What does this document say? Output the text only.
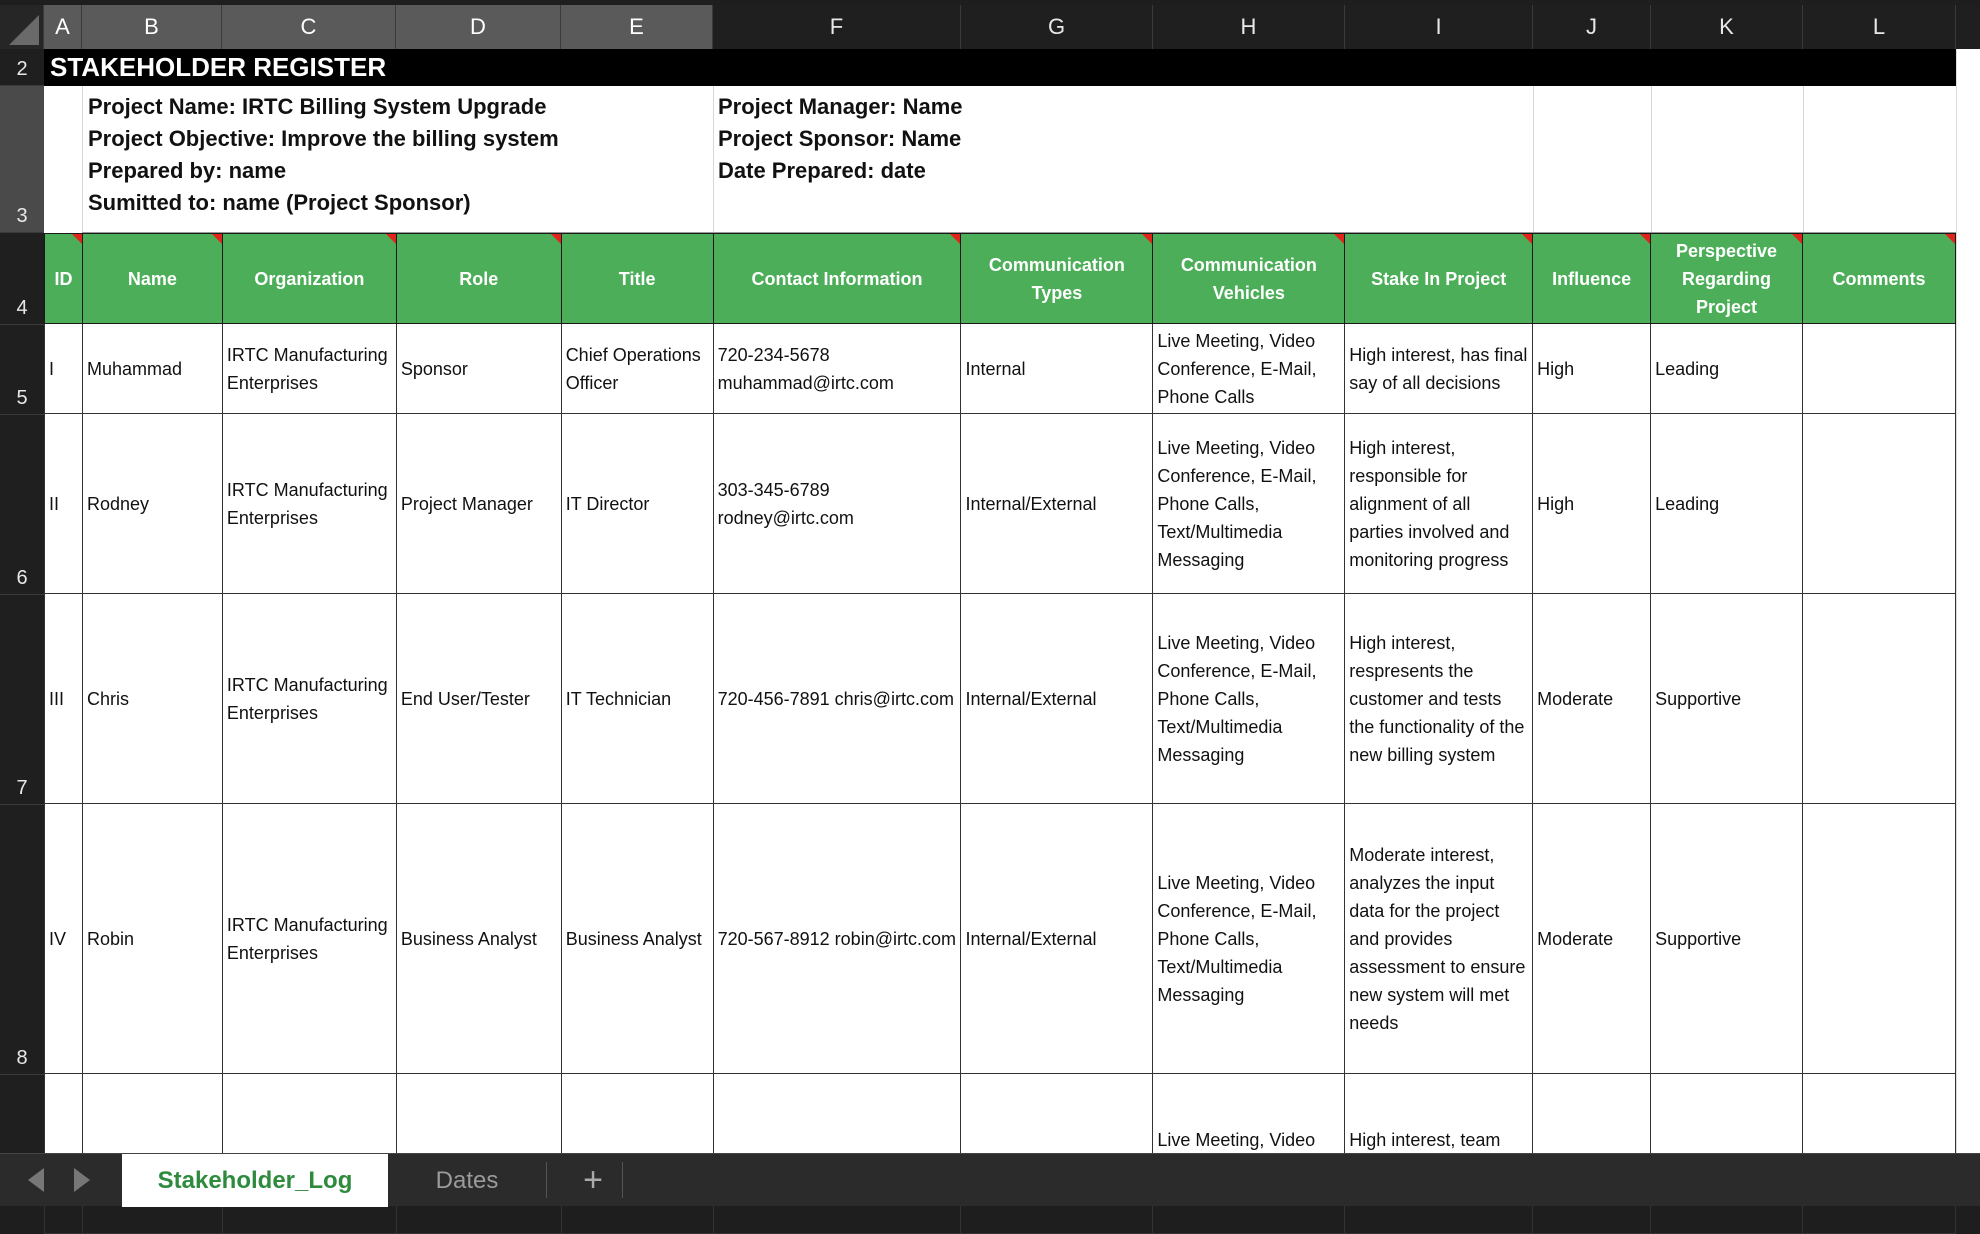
A	B	C	D	E	F	G	H	I	J	K	L
2
3
4
5
6
7
8
STAKEHOLDER REGISTER
Project Name: IRTC Billing System Upgrade
Project Objective: Improve the billing system
Prepared by: name
Sumitted to: name (Project Sponsor)
Project Manager: Name
Project Sponsor: Name
Date Prepared: date
ID	Name	Organization	Role	Title	Contact Information	Communication Types	Communication Vehicles	Stake In Project	Influence	Perspective Regarding Project	Comments

I	Muhammad	IRTC Manufacturing Enterprises	Sponsor	Chief Operations Officer	720-234-5678 muhammad@irtc.com	Internal	Live Meeting, Video Conference, E-Mail, Phone Calls	High interest, has final say of all decisions	High	Leading	
II	Rodney	IRTC Manufacturing Enterprises	Project Manager	IT Director	303-345-6789 rodney@irtc.com	Internal/External	Live Meeting, Video Conference, E-Mail, Phone Calls, Text/Multimedia Messaging	High interest, responsible for alignment of all parties involved and monitoring progress	High	Leading	
III	Chris	IRTC Manufacturing Enterprises	End User/Tester	IT Technician	720-456-7891 chris@irtc.com	Internal/External	Live Meeting, Video Conference, E-Mail, Phone Calls, Text/Multimedia Messaging	High interest, respresents the customer and tests the functionality of the new billing system	Moderate	Supportive	
IV	Robin	IRTC Manufacturing Enterprises	Business Analyst	Business Analyst	720-567-8912 robin@irtc.com	Internal/External	Live Meeting, Video Conference, E-Mail, Phone Calls, Text/Multimedia Messaging	Moderate interest, analyzes the input data for the project and provides assessment to ensure new system will met needs	Moderate	Supportive	
							Live Meeting, Video	High interest, team			
Stakeholder_Log	Dates	+
